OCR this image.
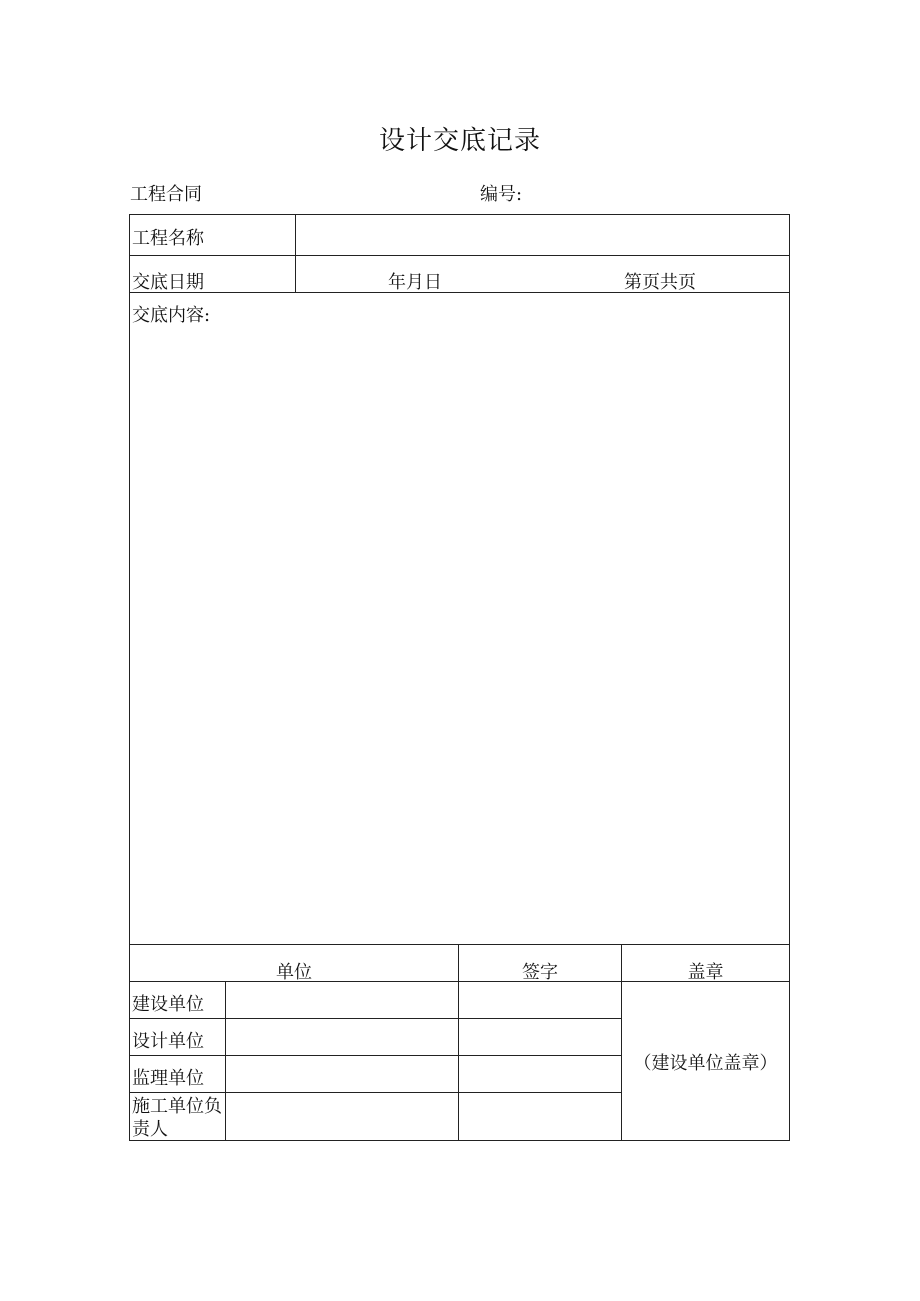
设计交底记录
工程合同	编号:
工程名称
交底日期	年月日	第页共页
交底内容:
单位	签字	盖章
建设单位
设计单位
监理单位
施工单位负责人
（建设单位盖章）
